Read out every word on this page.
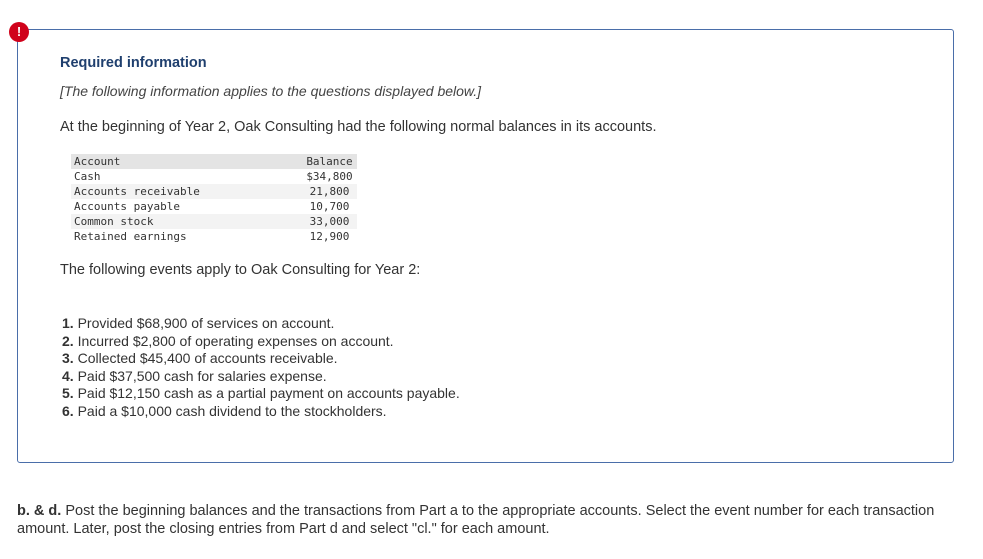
!
Required information
[The following information applies to the questions displayed below.]
At the beginning of Year 2, Oak Consulting had the following normal balances in its accounts.
Account	Balance
Cash	$34,800
Accounts receivable	21,800
Accounts payable	10,700
Common stock	33,000
Retained earnings	12,900
The following events apply to Oak Consulting for Year 2:
1. Provided $68,900 of services on account.
2. Incurred $2,800 of operating expenses on account.
3. Collected $45,400 of accounts receivable.
4. Paid $37,500 cash for salaries expense.
5. Paid $12,150 cash as a partial payment on accounts payable.
6. Paid a $10,000 cash dividend to the stockholders.
b. & d. Post the beginning balances and the transactions from Part a to the appropriate accounts. Select the event number for each transaction amount. Later, post the closing entries from Part d and select "cl." for each amount.
